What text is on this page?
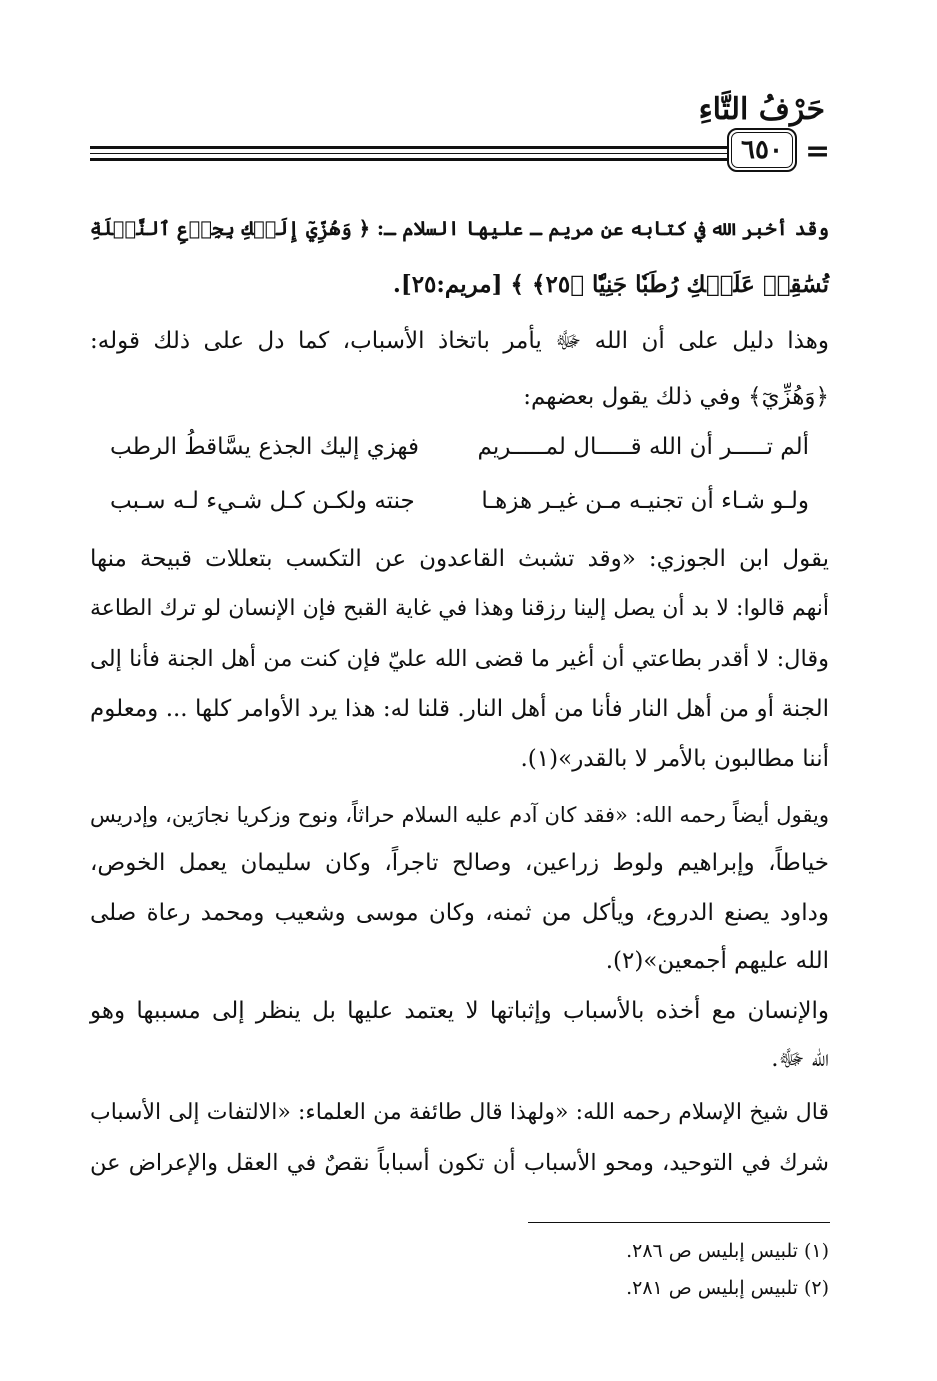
حَرْفُ التَّاءِ
٦٥٠ =
وقد أخبر الله في كتابه عن مريم ـ عليها السلام ـ: ﴿ وَهُزِّيٓ إِلَيۡكِ بِجِذۡعِ ٱلنَّخۡلَةِ
تُسَٰقِطۡ عَلَيۡكِ رُطَبٗا جَنِيّٗا ﴿٢٥﴾ ﴾ [مريم:٢٥].
وهذا دليل على أن الله ﷻ يأمر باتخاذ الأسباب، كما دل على ذلك قوله:
﴿وَهُزِّيٓ﴾ وفي ذلك يقول بعضهم:
ألم تـــــر أن الله قـــــال لمـــــريم
فهزي إليك الجذع يسَّاقطُ الرطب
ولـو شـاء أن تجنيـه مـن غيـر هزهـا
جنته ولكـن كـل شـيء لـه سـبب
يقول ابن الجوزي: «وقد تشبث القاعدون عن التكسب بتعللات قبيحة منها
أنهم قالوا: لا بد أن يصل إلينا رزقنا وهذا في غاية القبح فإن الإنسان لو ترك الطاعة
وقال: لا أقدر بطاعتي أن أغير ما قضى الله عليّ فإن كنت من أهل الجنة فأنا إلى
الجنة أو من أهل النار فأنا من أهل النار. قلنا له: هذا يرد الأوامر كلها ... ومعلوم
أننا مطالبون بالأمر لا بالقدر»(١).
ويقول أيضاً رحمه الله: «فقد كان آدم عليه السلام حراثاً، ونوح وزكريا نجارَين، وإدريس
خياطاً، وإبراهيم ولوط زراعين، وصالح تاجراً، وكان سليمان يعمل الخوص،
وداود يصنع الدروع، ويأكل من ثمنه، وكان موسى وشعيب ومحمد رعاة صلى
الله عليهم أجمعين»(٢).
والإنسان مع أخذه بالأسباب وإثباتها لا يعتمد عليها بل ينظر إلى مسببها وهو
الله ﷻ.
قال شيخ الإسلام رحمه الله: «ولهذا قال طائفة من العلماء: «الالتفات إلى الأسباب
شرك في التوحيد، ومحو الأسباب أن تكون أسباباً نقصٌ في العقل والإعراض عن
(١) تلبيس إبليس ص ٢٨٦.
(٢) تلبيس إبليس ص ٢٨١.
